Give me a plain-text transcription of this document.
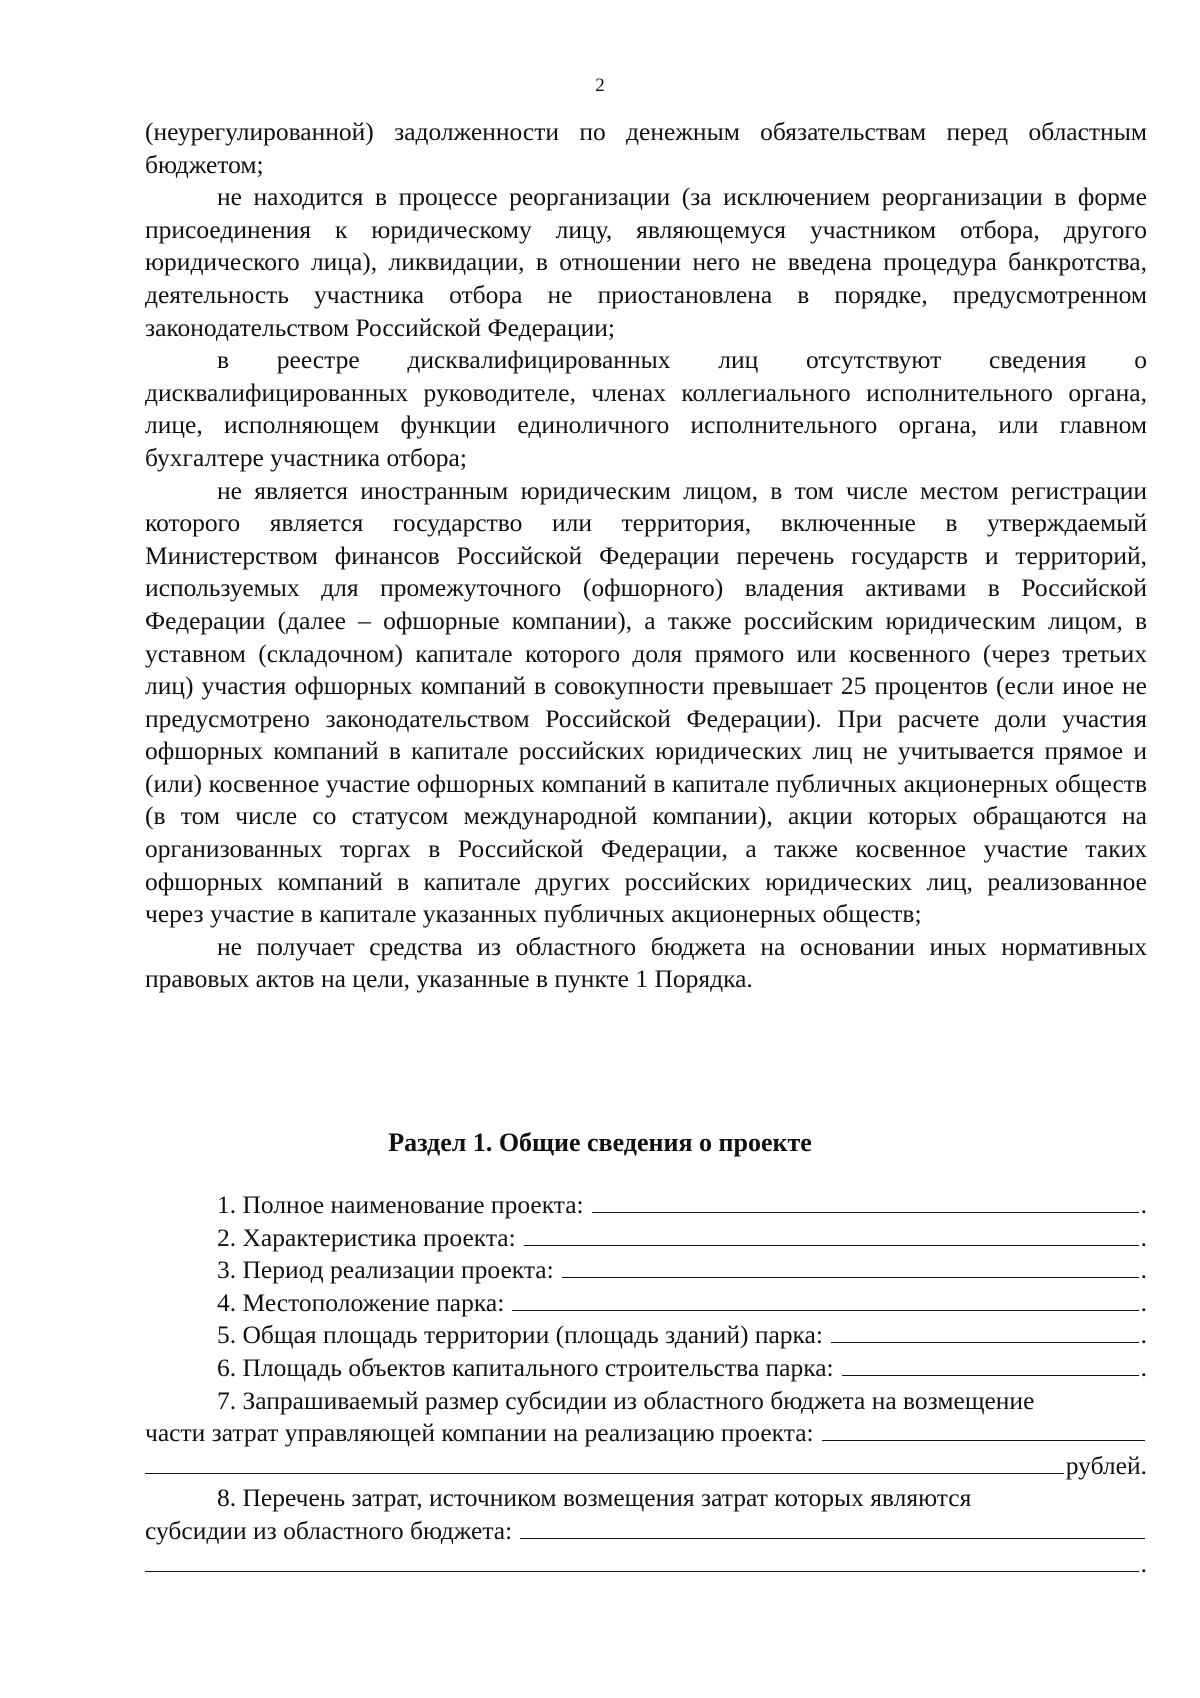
2

(неурегулированной) задолженности по денежным обязательствам перед областным бюджетом;

не находится в процессе реорганизации (за исключением реорганизации в форме присоединения к юридическому лицу, являющемуся участником отбора, другого юридического лица), ликвидации, в отношении него не введена процедура банкротства, деятельность участника отбора не приостановлена в порядке, предусмотренном законодательством Российской Федерации;

в реестре дисквалифицированных лиц отсутствуют сведения о дисквалифицированных руководителе, членах коллегиального исполнительного органа, лице, исполняющем функции единоличного исполнительного органа, или главном бухгалтере участника отбора;

не является иностранным юридическим лицом, в том числе местом регистрации которого является государство или территория, включенные в утверждаемый Министерством финансов Российской Федерации перечень государств и территорий, используемых для промежуточного (офшорного) владения активами в Российской Федерации (далее – офшорные компании), а также российским юридическим лицом, в уставном (складочном) капитале которого доля прямого или косвенного (через третьих лиц) участия офшорных компаний в совокупности превышает 25 процентов (если иное не предусмотрено законодательством Российской Федерации). При расчете доли участия офшорных компаний в капитале российских юридических лиц не учитывается прямое и (или) косвенное участие офшорных компаний в капитале публичных акционерных обществ (в том числе со статусом международной компании), акции которых обращаются на организованных торгах в Российской Федерации, а также косвенное участие таких офшорных компаний в капитале других российских юридических лиц, реализованное через участие в капитале указанных публичных акционерных обществ;

не получает средства из областного бюджета на основании иных нормативных правовых актов на цели, указанные в пункте 1 Порядка.

Раздел 1. Общие сведения о проекте
1. Полное наименование проекта:	.
2. Характеристика проекта:	.
3. Период реализации проекта:	.
4. Местоположение парка:	.
5. Общая площадь территории (площадь зданий) парка:	.
6. Площадь объектов капитального строительства парка:	.

7. Запрашиваемый размер субсидии из областного бюджета на возмещение

части затрат управляющей компании на реализацию проекта:
рублей.

8. Перечень затрат, источником возмещения затрат которых являются

субсидии из областного бюджета:
.
